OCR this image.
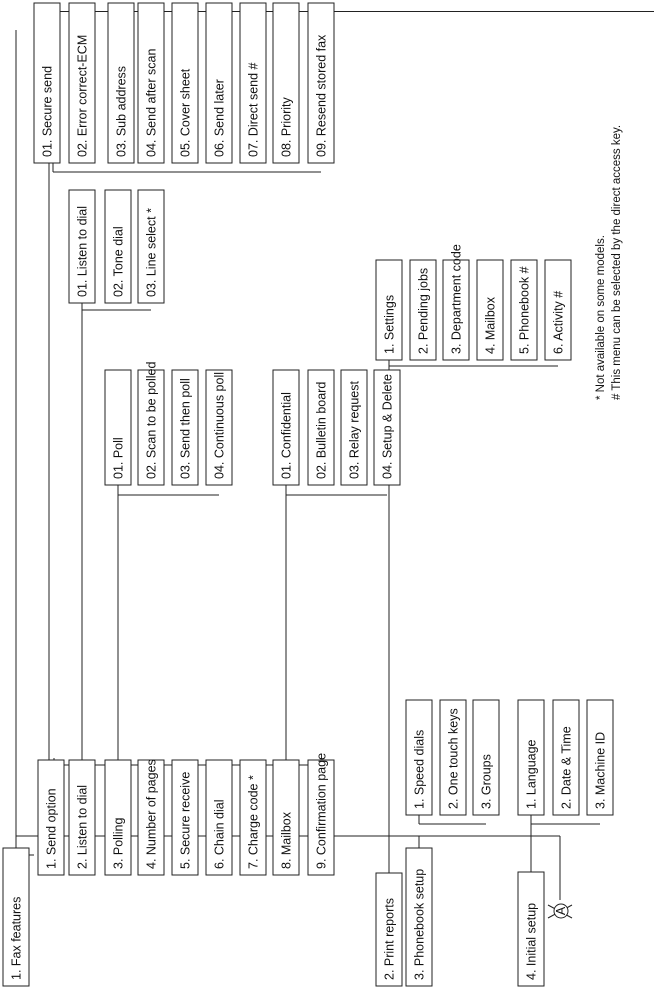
1. Fax features	2. Print reports 3. Phonebook setup	4. Initial setup A
1. Send option 2. Listen to dial 3. Polling 4. Number of pages 5. Secure receive 6. Chain dial 7. Charge code * 8. Mailbox 9. Confirmation page
01. Secure send 02. Error correct-ECM 03. Sub address 04. Send after scan 05. Cover sheet 06. Send later 07. Direct send # 08. Priority 09. Resend stored fax
01. Listen to dial 02. Tone dial 03. Line select *
01. Poll 02. Scan to be polled 03. Send then poll 04. Continuous poll	01. Confidential 02. Bulletin board 03. Relay request 04. Setup & Delete
1. Settings 2. Pending jobs 3. Department code 4. Mailbox 5. Phonebook # 6. Activity #
1. Speed dials 2. One touch keys 3. Groups 1. Language 2. Date & Time 3. Machine ID
* Not available on some models. # This menu can be selected by the direct access key.
